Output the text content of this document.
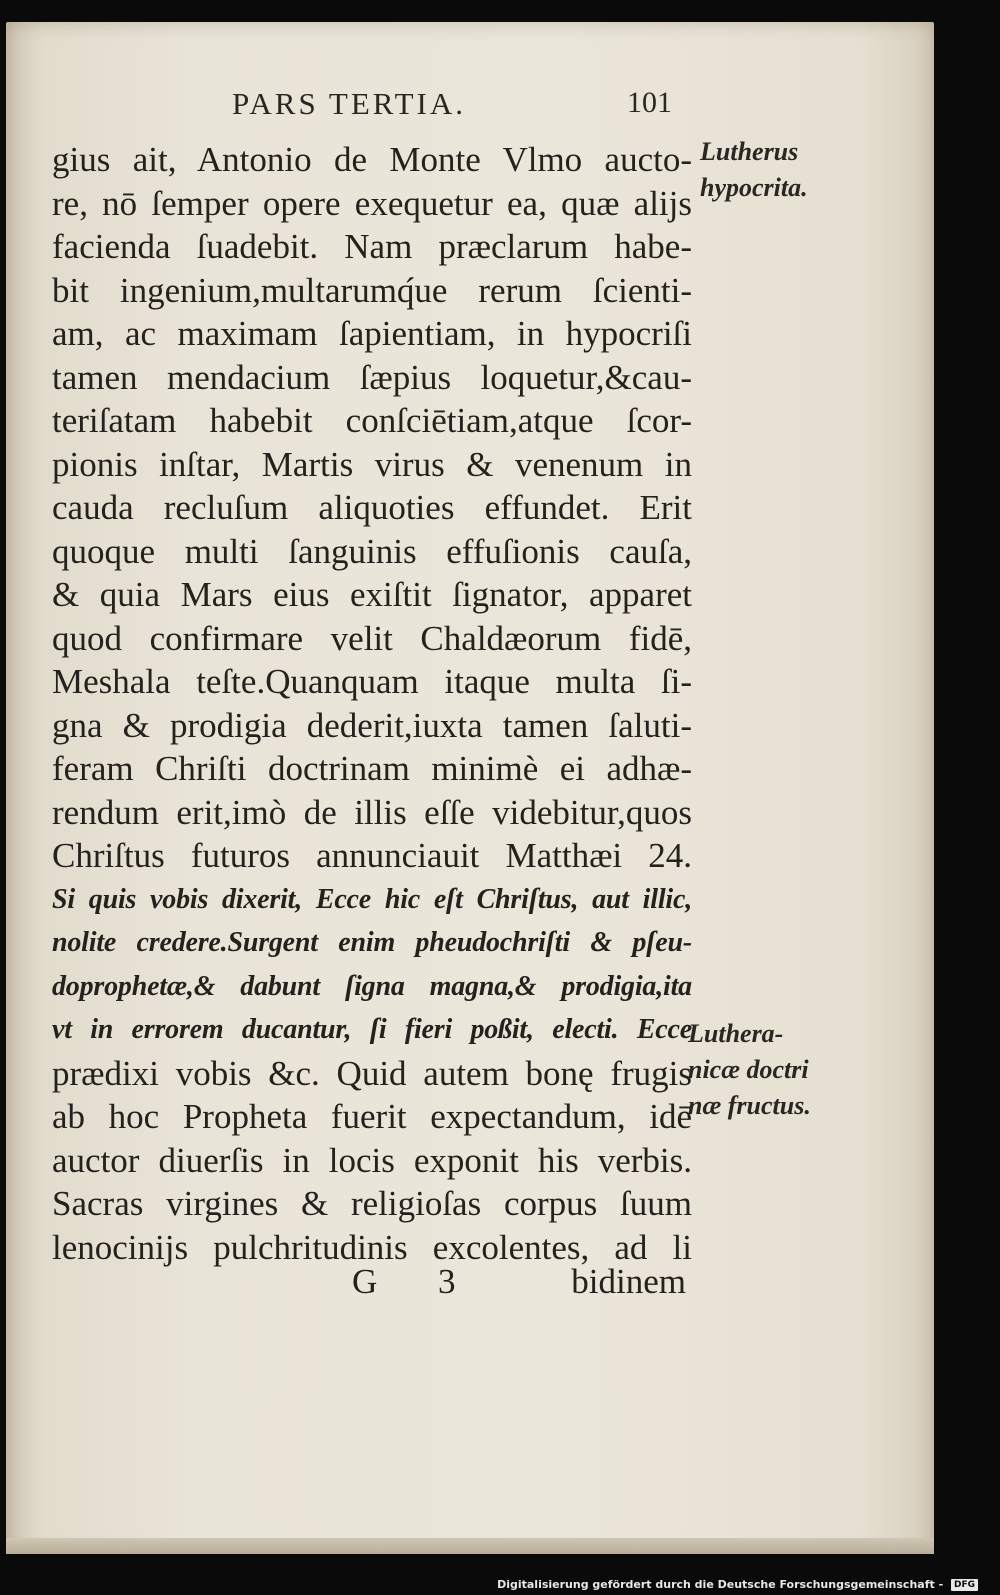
PARS TERTIA.	101
gius ait, Antonio de Monte Vlmo aucto-
re, nō ſemper opere exequetur ea, quæ alijs
facienda ſuadebit. Nam præclarum habe-
bit ingenium,multarumq́ue rerum ſcienti-
am, ac maximam ſapientiam, in hypocriſi
tamen mendacium ſæpius loquetur,&cau-
teriſatam habebit conſciētiam,atque ſcor-
pionis inſtar, Martis virus & venenum in
cauda recluſum aliquoties effundet. Erit
quoque multi ſanguinis effuſionis cauſa,
& quia Mars eius exiſtit ſignator, apparet
quod confirmare velit Chaldæorum fidē,
Meshala teſte.Quanquam itaque multa ſi-
gna & prodigia dederit,iuxta tamen ſaluti-
feram Chriſti doctrinam minimè ei adhæ-
rendum erit,imò de illis eſſe videbitur,quos
Chriſtus futuros annunciauit Matthæi 24.
Si quis vobis dixerit, Ecce hic eſt Chriſtus, aut illic,
nolite credere.Surgent enim pheudochriſti & pſeu-
doprophetæ,& dabunt ſigna magna,& prodigia,ita
vt in errorem ducantur, ſi fieri poßit, electi. Ecce
prædixi vobis &c. Quid autem bonę frugis
ab hoc Propheta fuerit expectandum, idē
auctor diuerſis in locis exponit his verbis.
Sacras virgines & religioſas corpus ſuum
lenocinijs pulchritudinis excolentes, ad li
Lutherus
hypocrita.
Luthera-
nicæ doctri
næ fructus.
G 3	bidinem
Digitalisierung gefördert durch die Deutsche Forschungsgemeinschaft - DFG
